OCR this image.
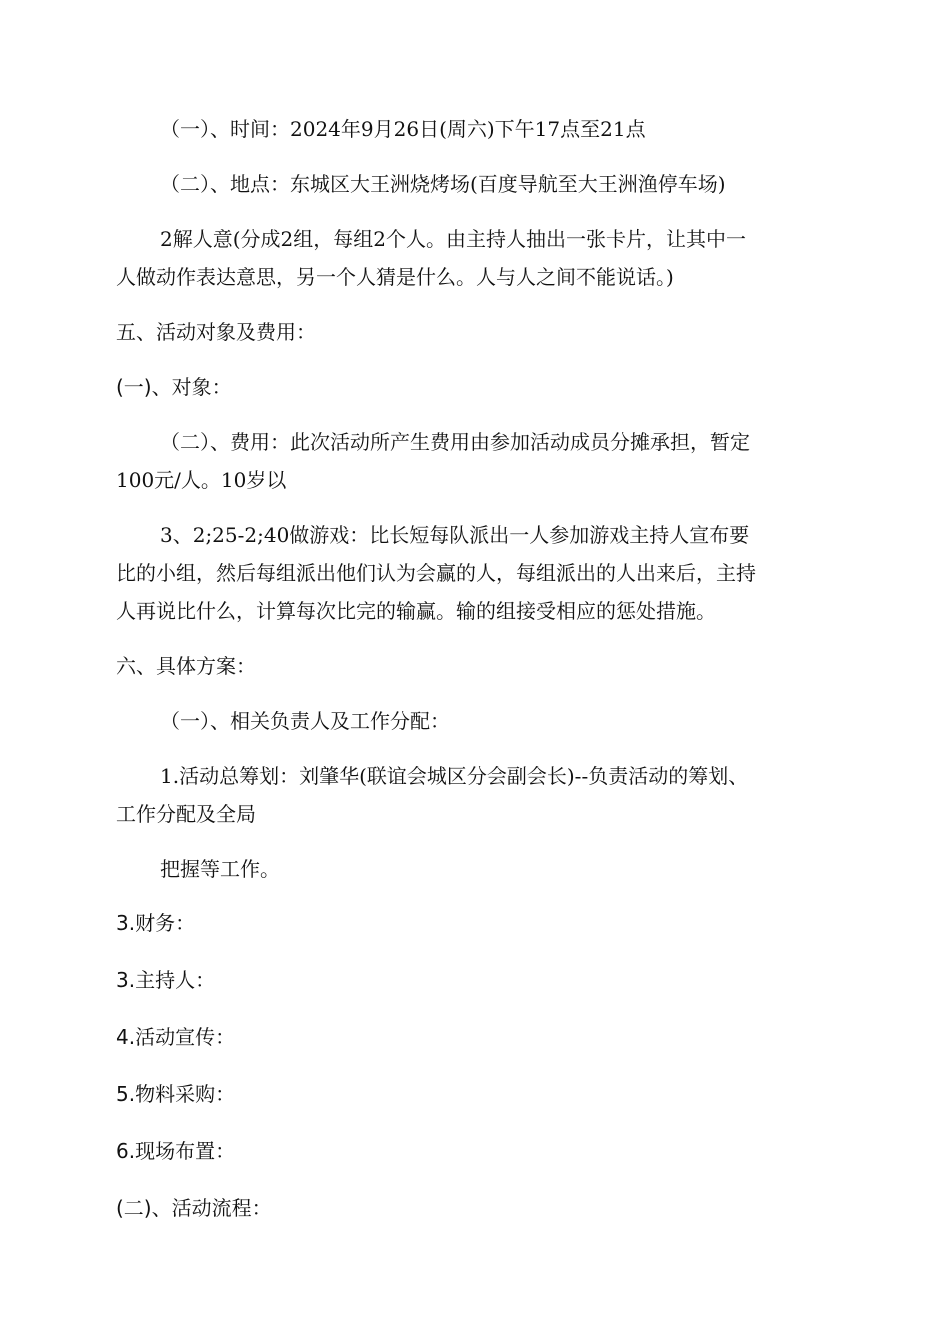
（一）、时间：2024年9月26日(周六)下午17点至21点
（二）、地点：东城区大王洲烧烤场(百度导航至大王洲渔停车场)
2解人意(分成2组，每组2个人。由主持人抽出一张卡片，让其中一
人做动作表达意思，另一个人猜是什么。人与人之间不能说话。)
五、活动对象及费用：
(一)、对象：
（二）、费用：此次活动所产生费用由参加活动成员分摊承担，暂定
100元/人。10岁以
3、2;25-2;40做游戏：比长短每队派出一人参加游戏主持人宣布要
比的小组，然后每组派出他们认为会赢的人，每组派出的人出来后，主持
人再说比什么，计算每次比完的输赢。输的组接受相应的惩处措施。
六、具体方案：
（一）、相关负责人及工作分配：
1.活动总筹划：刘肇华(联谊会城区分会副会长)--负责活动的筹划、
工作分配及全局
把握等工作。
3.财务：
3.主持人：
4.活动宣传：
5.物料采购：
6.现场布置：
(二)、活动流程：
